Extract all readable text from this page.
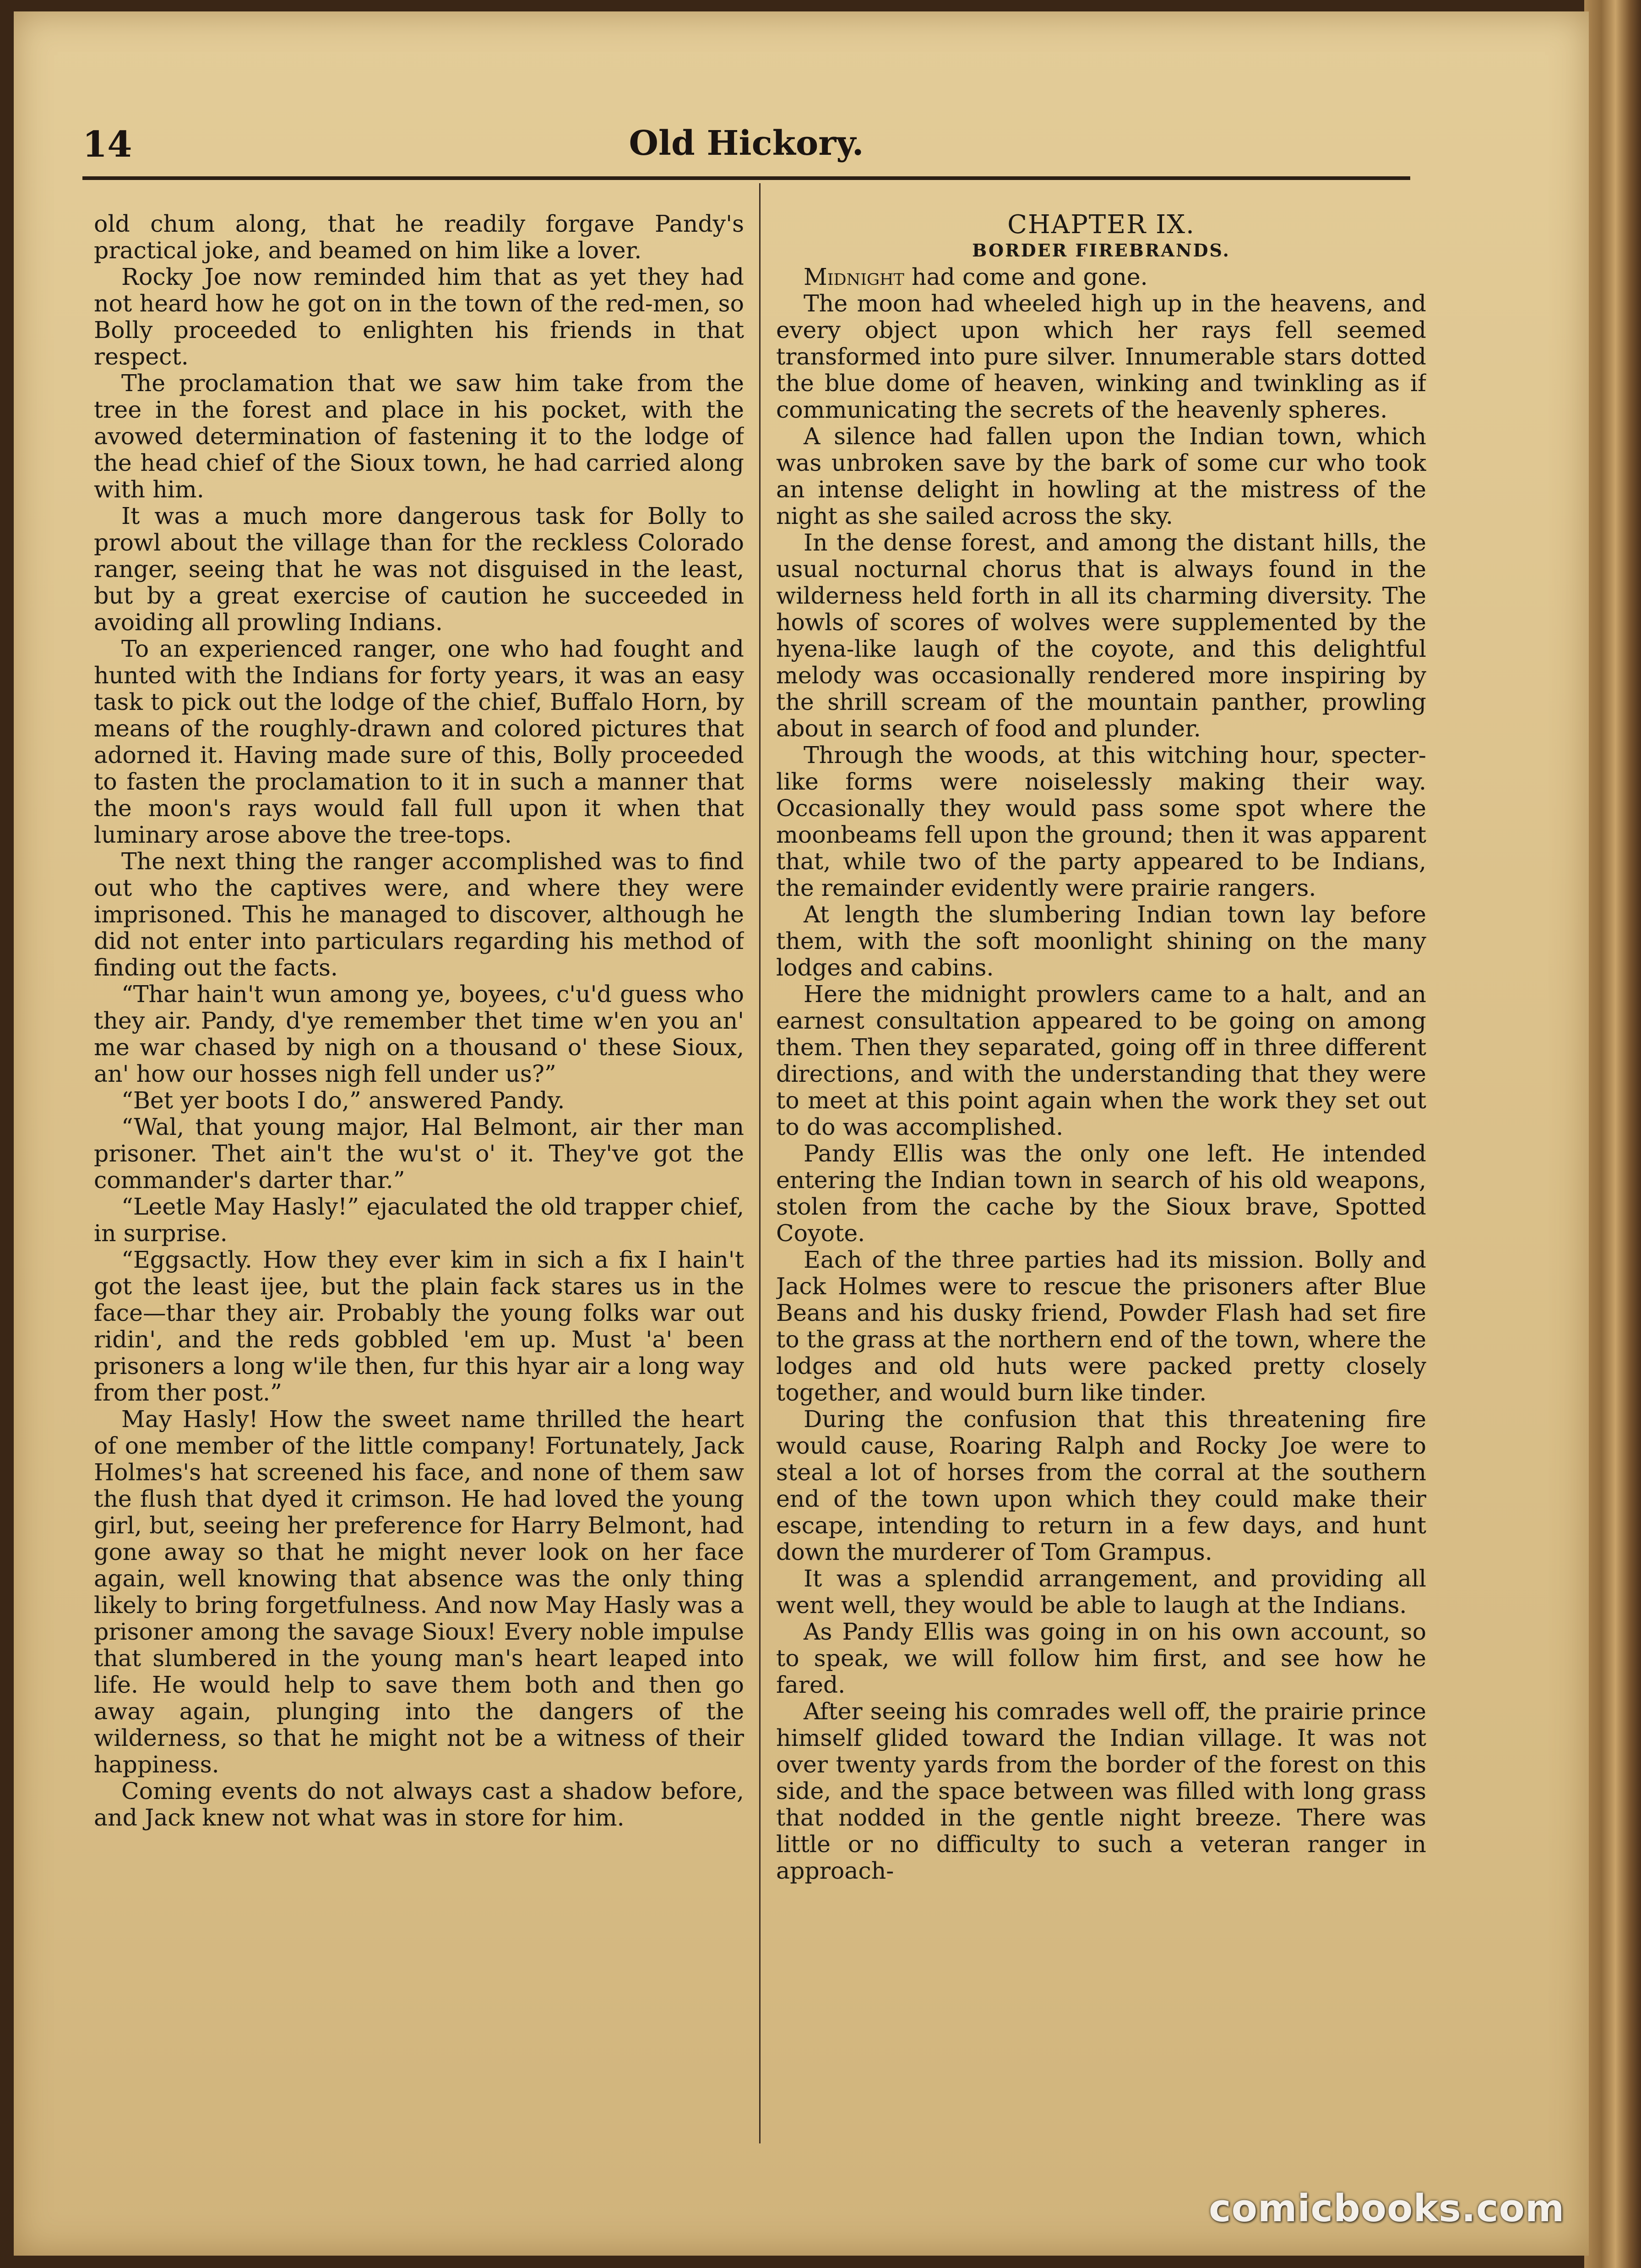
14	Old Hickory.

old chum along, that he readily forgave Pandy's practical joke, and beamed on him like a lover.

Rocky Joe now reminded him that as yet they had not heard how he got on in the town of the red-men, so Bolly proceeded to enlighten his friends in that respect.

The proclamation that we saw him take from the tree in the forest and place in his pocket, with the avowed determination of fastening it to the lodge of the head chief of the Sioux town, he had carried along with him.

It was a much more dangerous task for Bolly to prowl about the village than for the reckless Colorado ranger, seeing that he was not disguised in the least, but by a great exercise of caution he succeeded in avoiding all prowling Indians.

To an experienced ranger, one who had fought and hunted with the Indians for forty years, it was an easy task to pick out the lodge of the chief, Buffalo Horn, by means of the roughly-drawn and colored pictures that adorned it. Having made sure of this, Bolly proceeded to fasten the proclamation to it in such a manner that the moon's rays would fall full upon it when that luminary arose above the tree-tops.

The next thing the ranger accomplished was to find out who the captives were, and where they were imprisoned. This he managed to discover, although he did not enter into particulars regarding his method of finding out the facts.

“Thar hain't wun among ye, boyees, c'u'd guess who they air. Pandy, d'ye remember thet time w'en you an' me war chased by nigh on a thousand o' these Sioux, an' how our hosses nigh fell under us?”

“Bet yer boots I do,” answered Pandy.

“Wal, that young major, Hal Belmont, air ther man prisoner. Thet ain't the wu'st o' it. They've got the commander's darter thar.”

“Leetle May Hasly!” ejaculated the old trapper chief, in surprise.

“Eggsactly. How they ever kim in sich a fix I hain't got the least ijee, but the plain fack stares us in the face—thar they air. Probably the young folks war out ridin', and the reds gobbled 'em up. Must 'a' been prisoners a long w'ile then, fur this hyar air a long way from ther post.”

May Hasly! How the sweet name thrilled the heart of one member of the little company! Fortunately, Jack Holmes's hat screened his face, and none of them saw the flush that dyed it crimson. He had loved the young girl, but, seeing her preference for Harry Belmont, had gone away so that he might never look on her face again, well knowing that absence was the only thing likely to bring forgetfulness. And now May Hasly was a prisoner among the savage Sioux! Every noble impulse that slumbered in the young man's heart leaped into life. He would help to save them both and then go away again, plunging into the dangers of the wilderness, so that he might not be a witness of their happiness.

Coming events do not always cast a shadow before, and Jack knew not what was in store for him.

CHAPTER IX.

BORDER FIREBRANDS.

Midnight had come and gone.

The moon had wheeled high up in the heavens, and every object upon which her rays fell seemed transformed into pure silver. Innumerable stars dotted the blue dome of heaven, winking and twinkling as if communicating the secrets of the heavenly spheres.

A silence had fallen upon the Indian town, which was unbroken save by the bark of some cur who took an intense delight in howling at the mistress of the night as she sailed across the sky.

In the dense forest, and among the distant hills, the usual nocturnal chorus that is always found in the wilderness held forth in all its charming diversity. The howls of scores of wolves were supplemented by the hyena-like laugh of the coyote, and this delightful melody was occasionally rendered more inspiring by the shrill scream of the mountain panther, prowling about in search of food and plunder.

Through the woods, at this witching hour, specter-like forms were noiselessly making their way. Occasionally they would pass some spot where the moonbeams fell upon the ground; then it was apparent that, while two of the party appeared to be Indians, the remainder evidently were prairie rangers.

At length the slumbering Indian town lay before them, with the soft moonlight shining on the many lodges and cabins.

Here the midnight prowlers came to a halt, and an earnest consultation appeared to be going on among them. Then they separated, going off in three different directions, and with the understanding that they were to meet at this point again when the work they set out to do was accomplished.

Pandy Ellis was the only one left. He intended entering the Indian town in search of his old weapons, stolen from the cache by the Sioux brave, Spotted Coyote.

Each of the three parties had its mission. Bolly and Jack Holmes were to rescue the prisoners after Blue Beans and his dusky friend, Powder Flash had set fire to the grass at the northern end of the town, where the lodges and old huts were packed pretty closely together, and would burn like tinder.

During the confusion that this threatening fire would cause, Roaring Ralph and Rocky Joe were to steal a lot of horses from the corral at the southern end of the town upon which they could make their escape, intending to return in a few days, and hunt down the murderer of Tom Grampus.

It was a splendid arrangement, and providing all went well, they would be able to laugh at the Indians.

As Pandy Ellis was going in on his own account, so to speak, we will follow him first, and see how he fared.

After seeing his comrades well off, the prairie prince himself glided toward the Indian village. It was not over twenty yards from the border of the forest on this side, and the space between was filled with long grass that nodded in the gentle night breeze. There was little or no difficulty to such a veteran ranger in approach-

comicbooks.com
